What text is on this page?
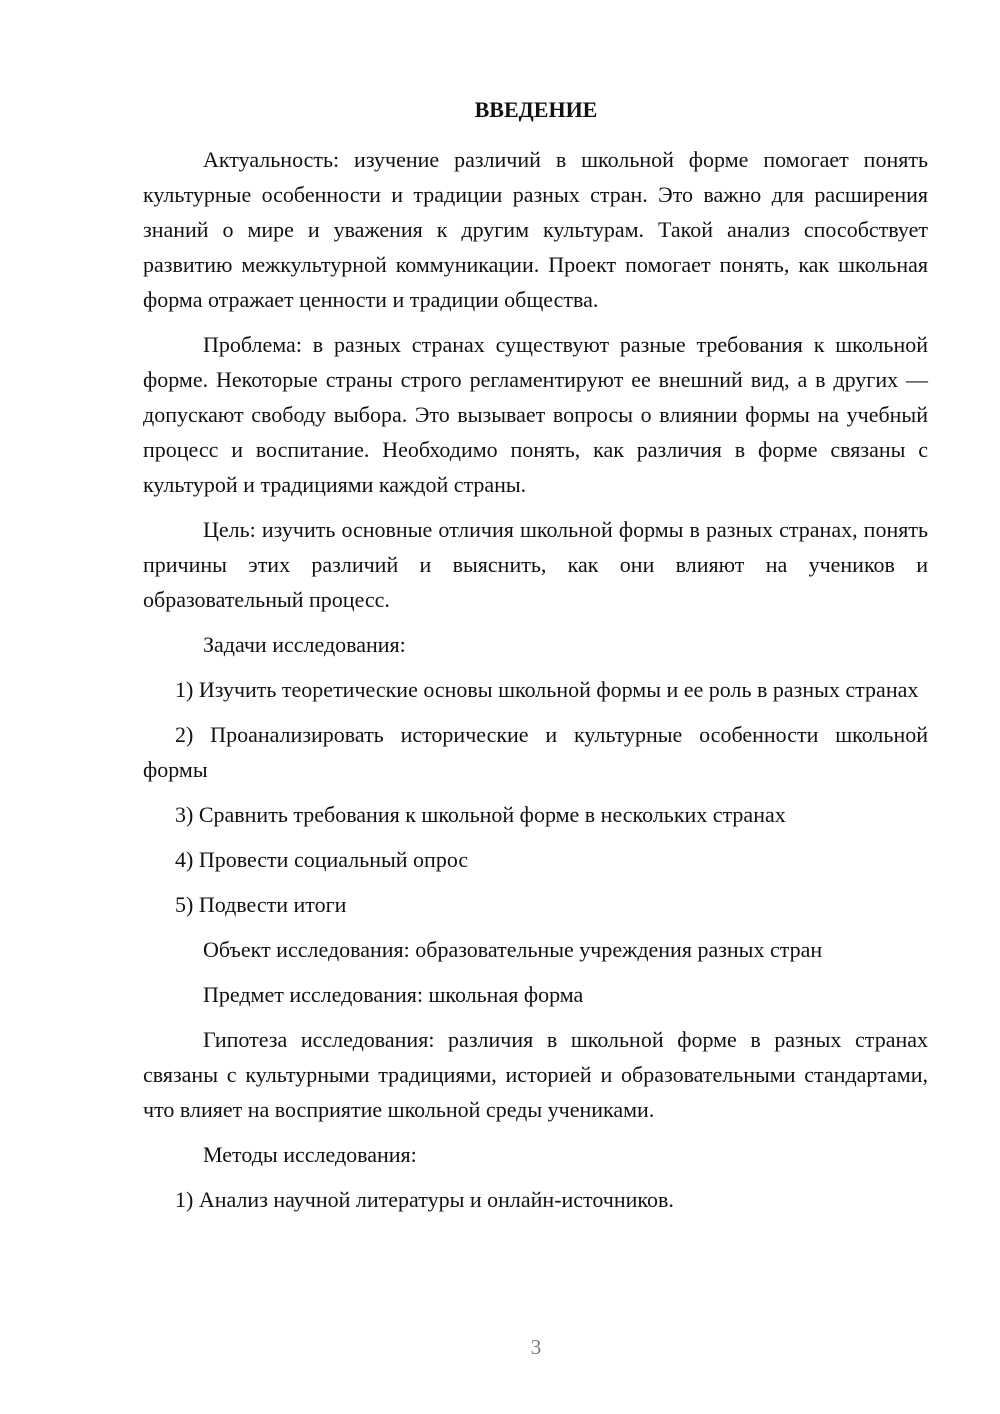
ВВЕДЕНИЕ

Актуальность: изучение различий в школьной форме помогает понять культурные особенности и традиции разных стран. Это важно для расширения знаний о мире и уважения к другим культурам. Такой анализ способствует развитию межкультурной коммуникации. Проект помогает понять, как школьная форма отражает ценности и традиции общества.

Проблема: в разных странах существуют разные требования к школьной форме. Некоторые страны строго регламентируют ее внешний вид, а в других — допускают свободу выбора. Это вызывает вопросы о влиянии формы на учебный процесс и воспитание. Необходимо понять, как различия в форме связаны с культурой и традициями каждой страны.

Цель: изучить основные отличия школьной формы в разных странах, понять причины этих различий и выяснить, как они влияют на учеников и образовательный процесс.

Задачи исследования:

1) Изучить теоретические основы школьной формы и ее роль в разных странах

2) Проанализировать исторические и культурные особенности школьной формы

3) Сравнить требования к школьной форме в нескольких странах

4) Провести социальный опрос

5) Подвести итоги

Объект исследования: образовательные учреждения разных стран

Предмет исследования: школьная форма

Гипотеза исследования: различия в школьной форме в разных странах связаны с культурными традициями, историей и образовательными стандартами, что влияет на восприятие школьной среды учениками.

Методы исследования:

1) Анализ научной литературы и онлайн-источников.

3
